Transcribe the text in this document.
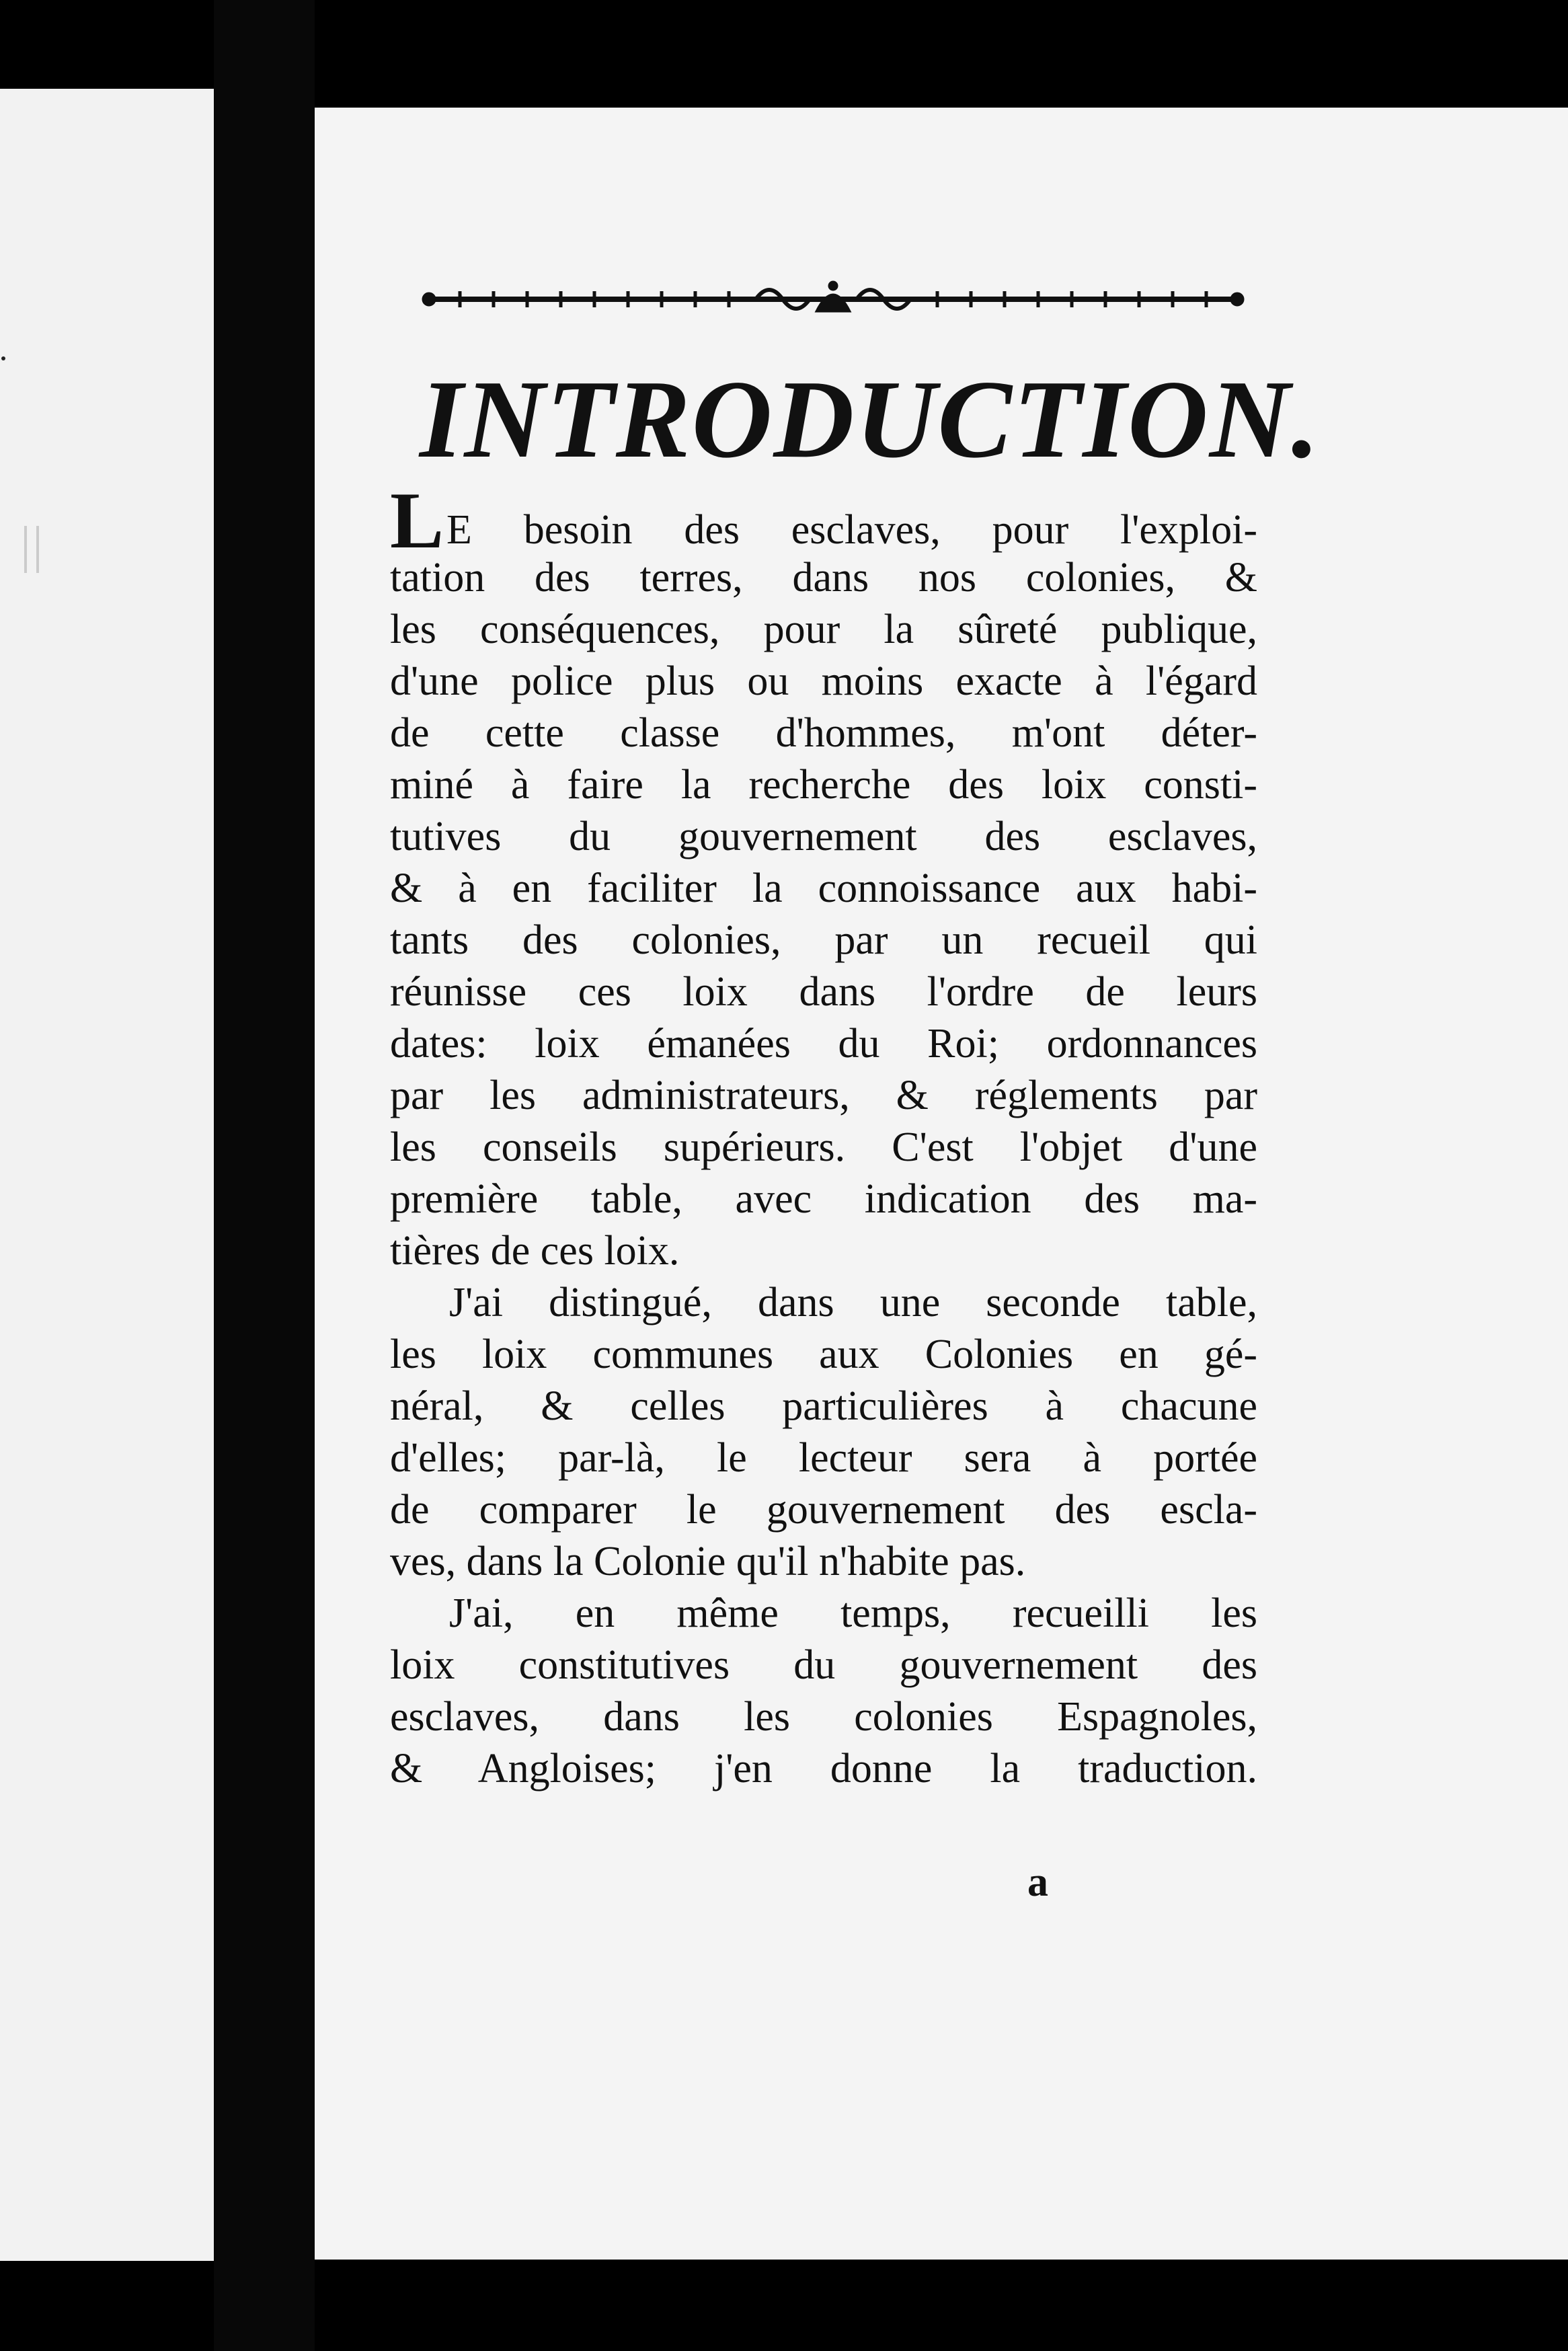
INTRODUCTION.
LE besoin des esclaves, pour l'exploi-
tation des terres, dans nos colonies, &
les conséquences, pour la sûreté publique,
d'une police plus ou moins exacte à l'égard
de cette classe d'hommes, m'ont déter-
miné à faire la recherche des loix consti-
tutives du gouvernement des esclaves,
& à en faciliter la connoissance aux habi-
tants des colonies, par un recueil qui
réunisse ces loix dans l'ordre de leurs
dates: loix émanées du Roi; ordonnances
par les administrateurs, & réglements par
les conseils supérieurs. C'est l'objet d'une
première table, avec indication des ma-
tières de ces loix.
J'ai distingué, dans une seconde table,
les loix communes aux Colonies en gé-
néral, & celles particulières à chacune
d'elles; par-là, le lecteur sera à portée
de comparer le gouvernement des escla-
ves, dans la Colonie qu'il n'habite pas.
J'ai, en même temps, recueilli les
loix constitutives du gouvernement des
esclaves, dans les colonies Espagnoles,
& Angloises; j'en donne la traduction.
a
